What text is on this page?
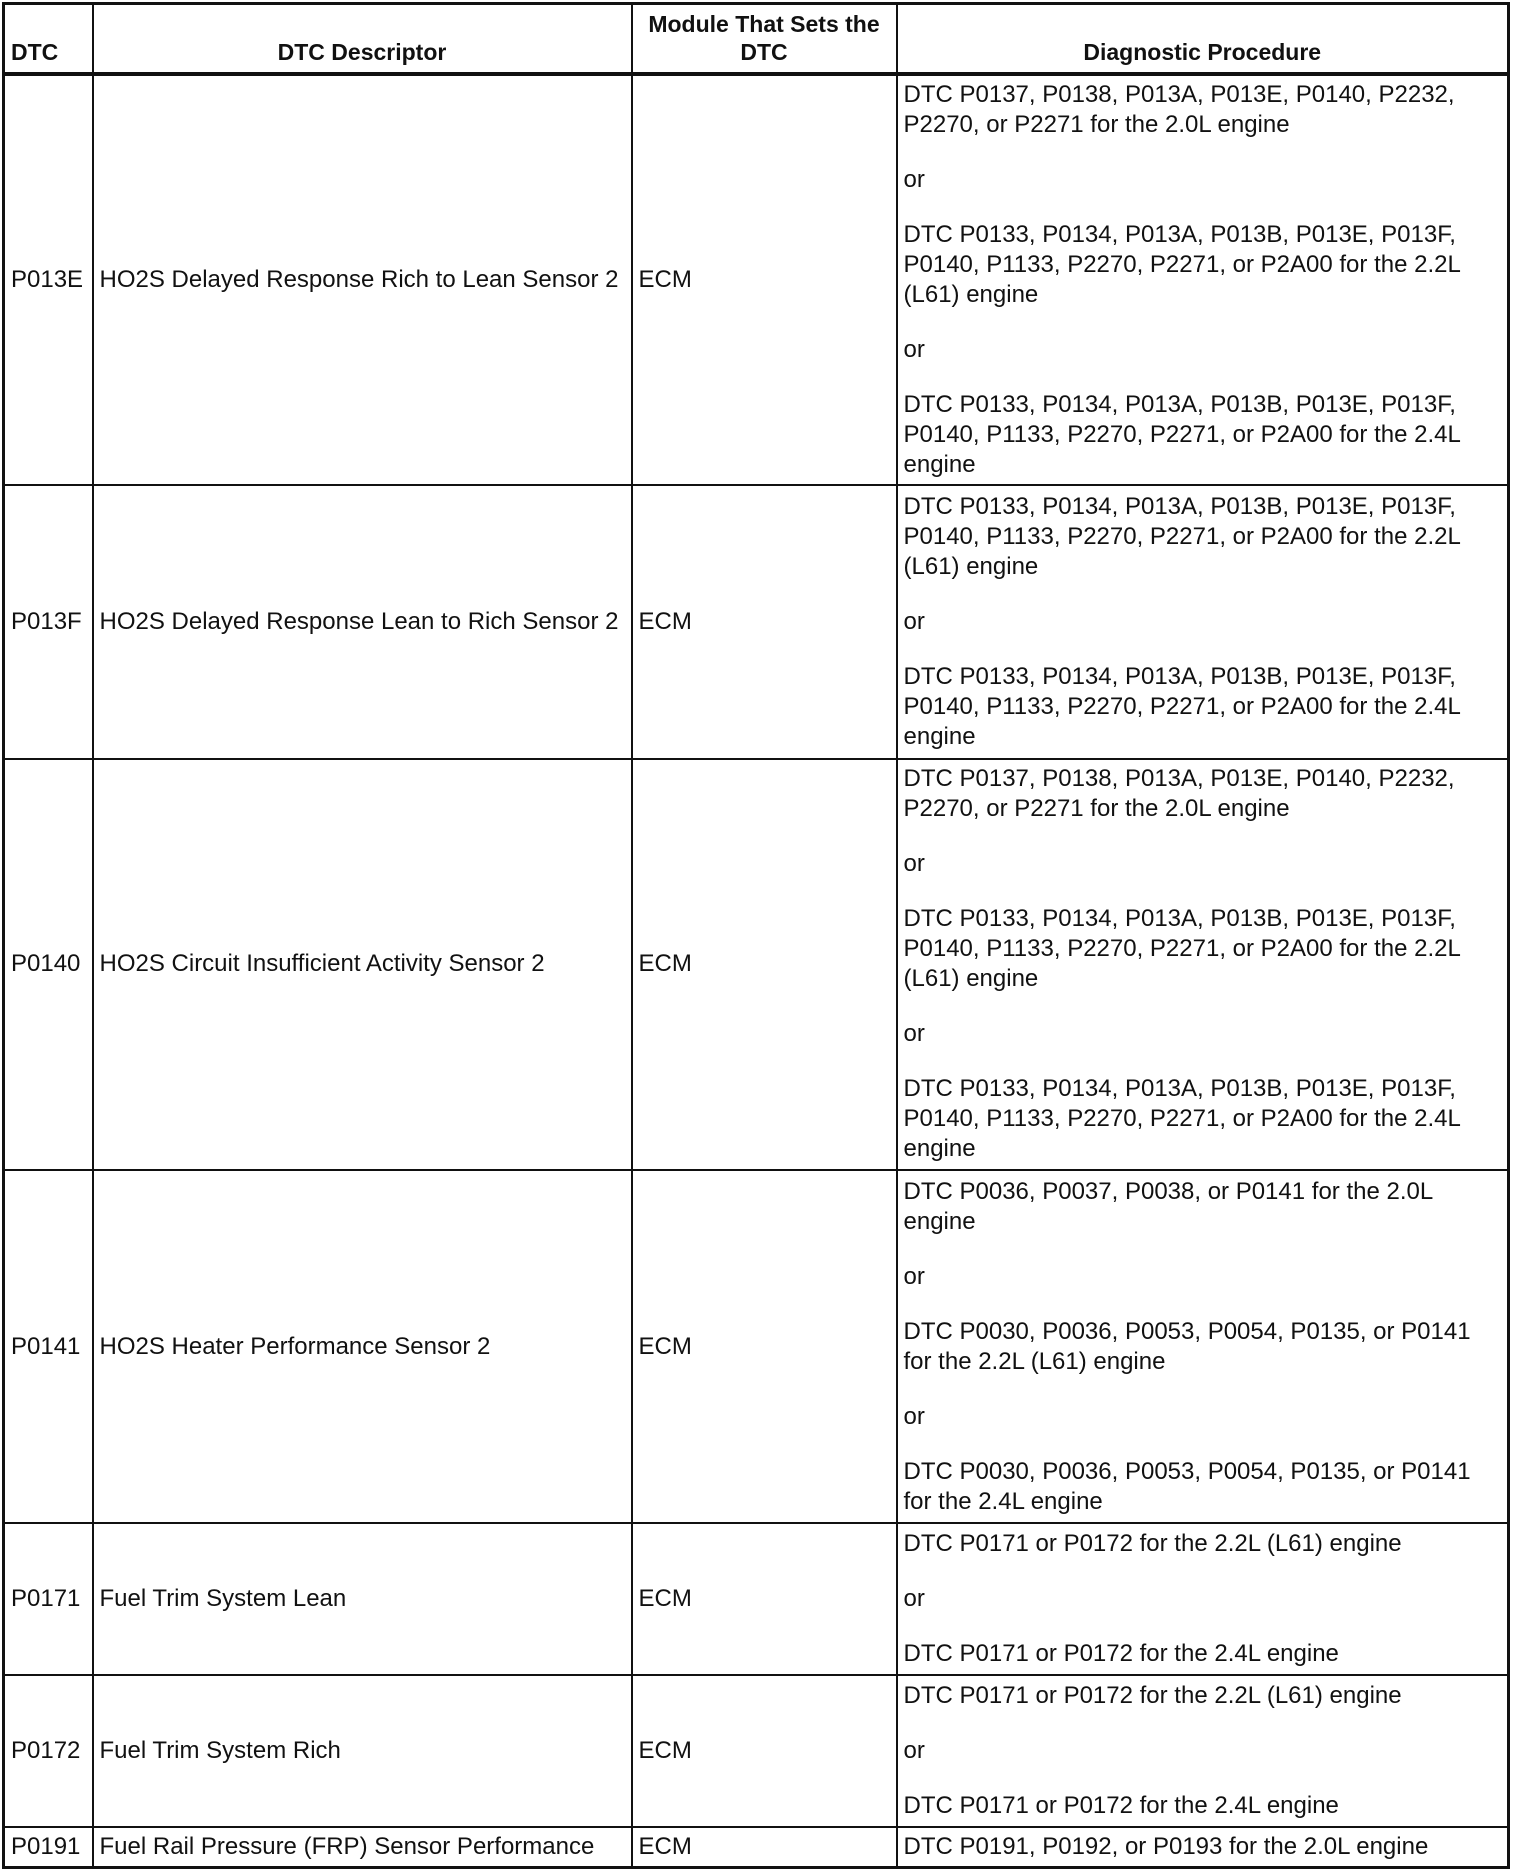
DTC	DTC Descriptor	Module That Sets the DTC	Diagnostic Procedure
P013E	HO2S Delayed Response Rich to Lean Sensor 2	ECM	DTC P0137, P0138, P013A, P013E, P0140, P2232, P2270, or P2271 for the 2.0L engine

or

DTC P0133, P0134, P013A, P013B, P013E, P013F, P0140, P1133, P2270, P2271, or P2A00 for the 2.2L (L61) engine

or

DTC P0133, P0134, P013A, P013B, P013E, P013F, P0140, P1133, P2270, P2271, or P2A00 for the 2.4L engine

P013F	HO2S Delayed Response Lean to Rich Sensor 2	ECM	DTC P0133, P0134, P013A, P013B, P013E, P013F, P0140, P1133, P2270, P2271, or P2A00 for the 2.2L (L61) engine

or

DTC P0133, P0134, P013A, P013B, P013E, P013F, P0140, P1133, P2270, P2271, or P2A00 for the 2.4L engine

P0140	HO2S Circuit Insufficient Activity Sensor 2	ECM	DTC P0137, P0138, P013A, P013E, P0140, P2232, P2270, or P2271 for the 2.0L engine

or

DTC P0133, P0134, P013A, P013B, P013E, P013F, P0140, P1133, P2270, P2271, or P2A00 for the 2.2L (L61) engine

or

DTC P0133, P0134, P013A, P013B, P013E, P013F, P0140, P1133, P2270, P2271, or P2A00 for the 2.4L engine

P0141	HO2S Heater Performance Sensor 2	ECM	DTC P0036, P0037, P0038, or P0141 for the 2.0L engine

or

DTC P0030, P0036, P0053, P0054, P0135, or P0141 for the 2.2L (L61) engine

or

DTC P0030, P0036, P0053, P0054, P0135, or P0141 for the 2.4L engine

P0171	Fuel Trim System Lean	ECM	DTC P0171 or P0172 for the 2.2L (L61) engine

or

DTC P0171 or P0172 for the 2.4L engine

P0172	Fuel Trim System Rich	ECM	DTC P0171 or P0172 for the 2.2L (L61) engine

or

DTC P0171 or P0172 for the 2.4L engine

P0191	Fuel Rail Pressure (FRP) Sensor Performance	ECM	DTC P0191, P0192, or P0193 for the 2.0L engine
